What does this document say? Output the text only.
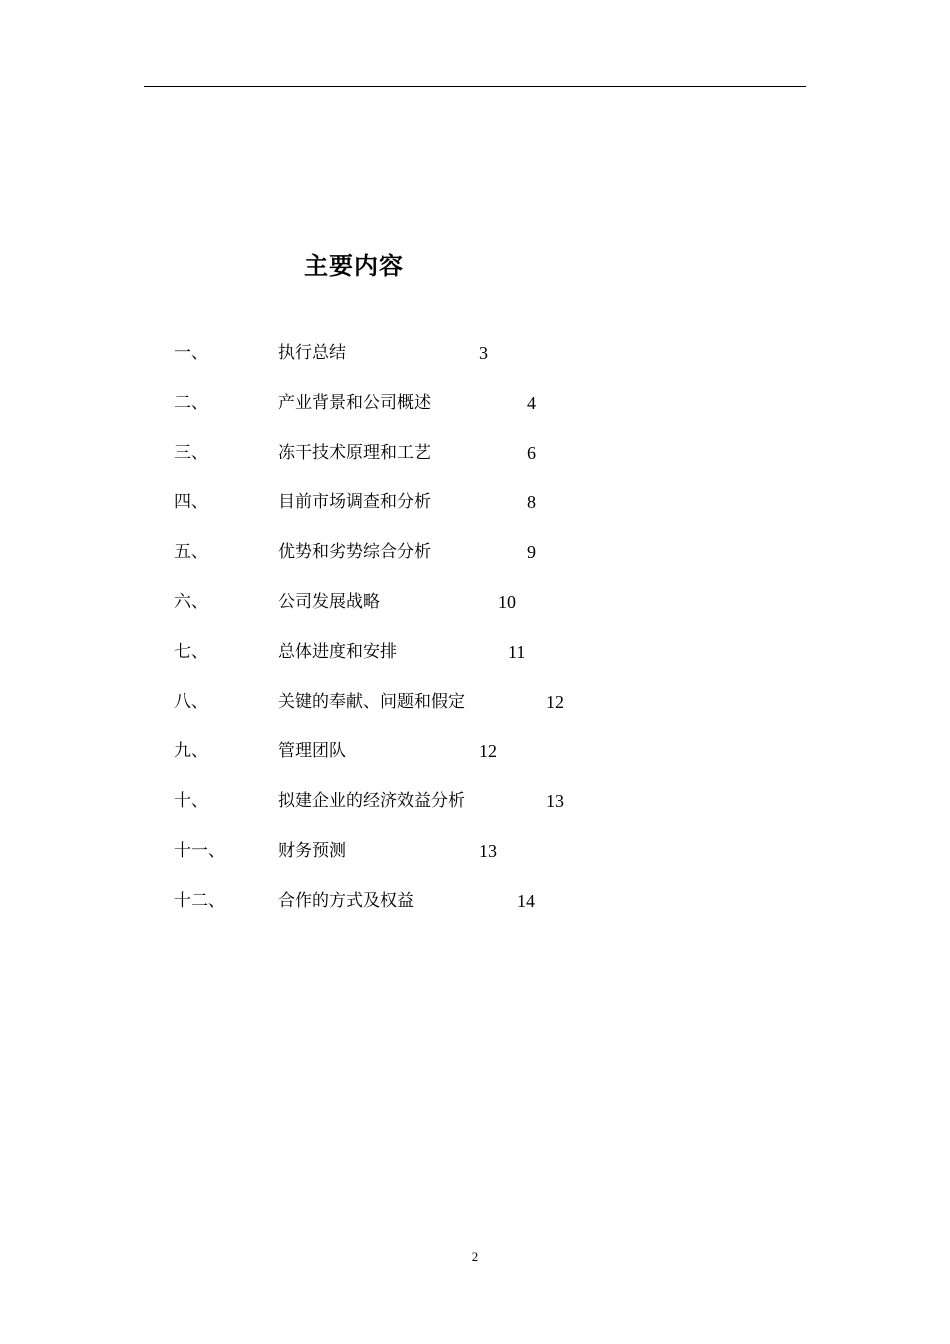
主要内容
一、	执行总结	3
二、	产业背景和公司概述	4
三、	冻干技术原理和工艺	6
四、	目前市场调查和分析	8
五、	优势和劣势综合分析	9
六、	公司发展战略	10
七、	总体进度和安排	11
八、	关键的奉献、问题和假定	12
九、	管理团队	12
十、	拟建企业的经济效益分析	13
十一、	财务预测	13
十二、	合作的方式及权益	14
2
